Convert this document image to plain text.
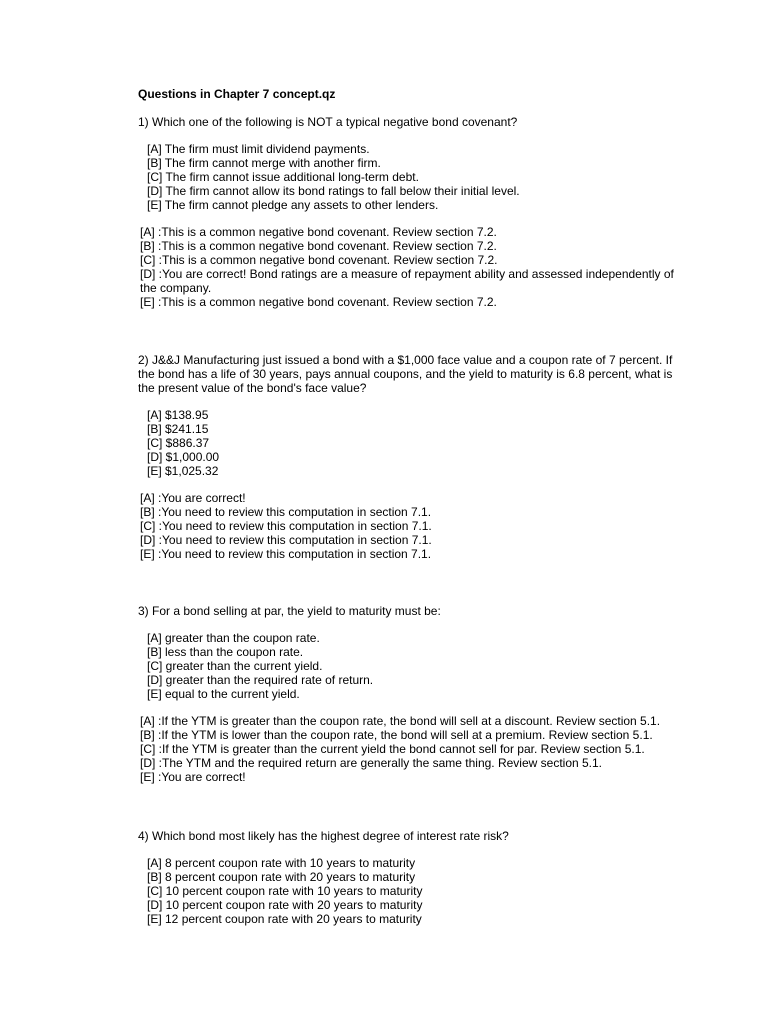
Questions in Chapter 7 concept.qz

1) Which one of the following is NOT a typical negative bond covenant?

[A] The firm must limit dividend payments.
[B] The firm cannot merge with another firm.
[C] The firm cannot issue additional long-term debt.
[D] The firm cannot allow its bond ratings to fall below their initial level.
[E] The firm cannot pledge any assets to other lenders.
[A] :This is a common negative bond covenant. Review section 7.2.
[B] :This is a common negative bond covenant. Review section 7.2.
[C] :This is a common negative bond covenant. Review section 7.2.
[D] :You are correct! Bond ratings are a measure of repayment ability and assessed independently of the company.
[E] :This is a common negative bond covenant. Review section 7.2.

2) J&&J Manufacturing just issued a bond with a $1,000 face value and a coupon rate of 7 percent. If the bond has a life of 30 years, pays annual coupons, and the yield to maturity is 6.8 percent, what is the present value of the bond's face value?

[A] $138.95
[B] $241.15
[C] $886.37
[D] $1,000.00
[E] $1,025.32
[A] :You are correct!
[B] :You need to review this computation in section 7.1.
[C] :You need to review this computation in section 7.1.
[D] :You need to review this computation in section 7.1.
[E] :You need to review this computation in section 7.1.

3) For a bond selling at par, the yield to maturity must be:

[A] greater than the coupon rate.
[B] less than the coupon rate.
[C] greater than the current yield.
[D] greater than the required rate of return.
[E] equal to the current yield.
[A] :If the YTM is greater than the coupon rate, the bond will sell at a discount. Review section 5.1.
[B] :If the YTM is lower than the coupon rate, the bond will sell at a premium. Review section 5.1.
[C] :If the YTM is greater than the current yield the bond cannot sell for par. Review section 5.1.
[D] :The YTM and the required return are generally the same thing. Review section 5.1.
[E] :You are correct!

4) Which bond most likely has the highest degree of interest rate risk?

[A] 8 percent coupon rate with 10 years to maturity
[B] 8 percent coupon rate with 20 years to maturity
[C] 10 percent coupon rate with 10 years to maturity
[D] 10 percent coupon rate with 20 years to maturity
[E] 12 percent coupon rate with 20 years to maturity
